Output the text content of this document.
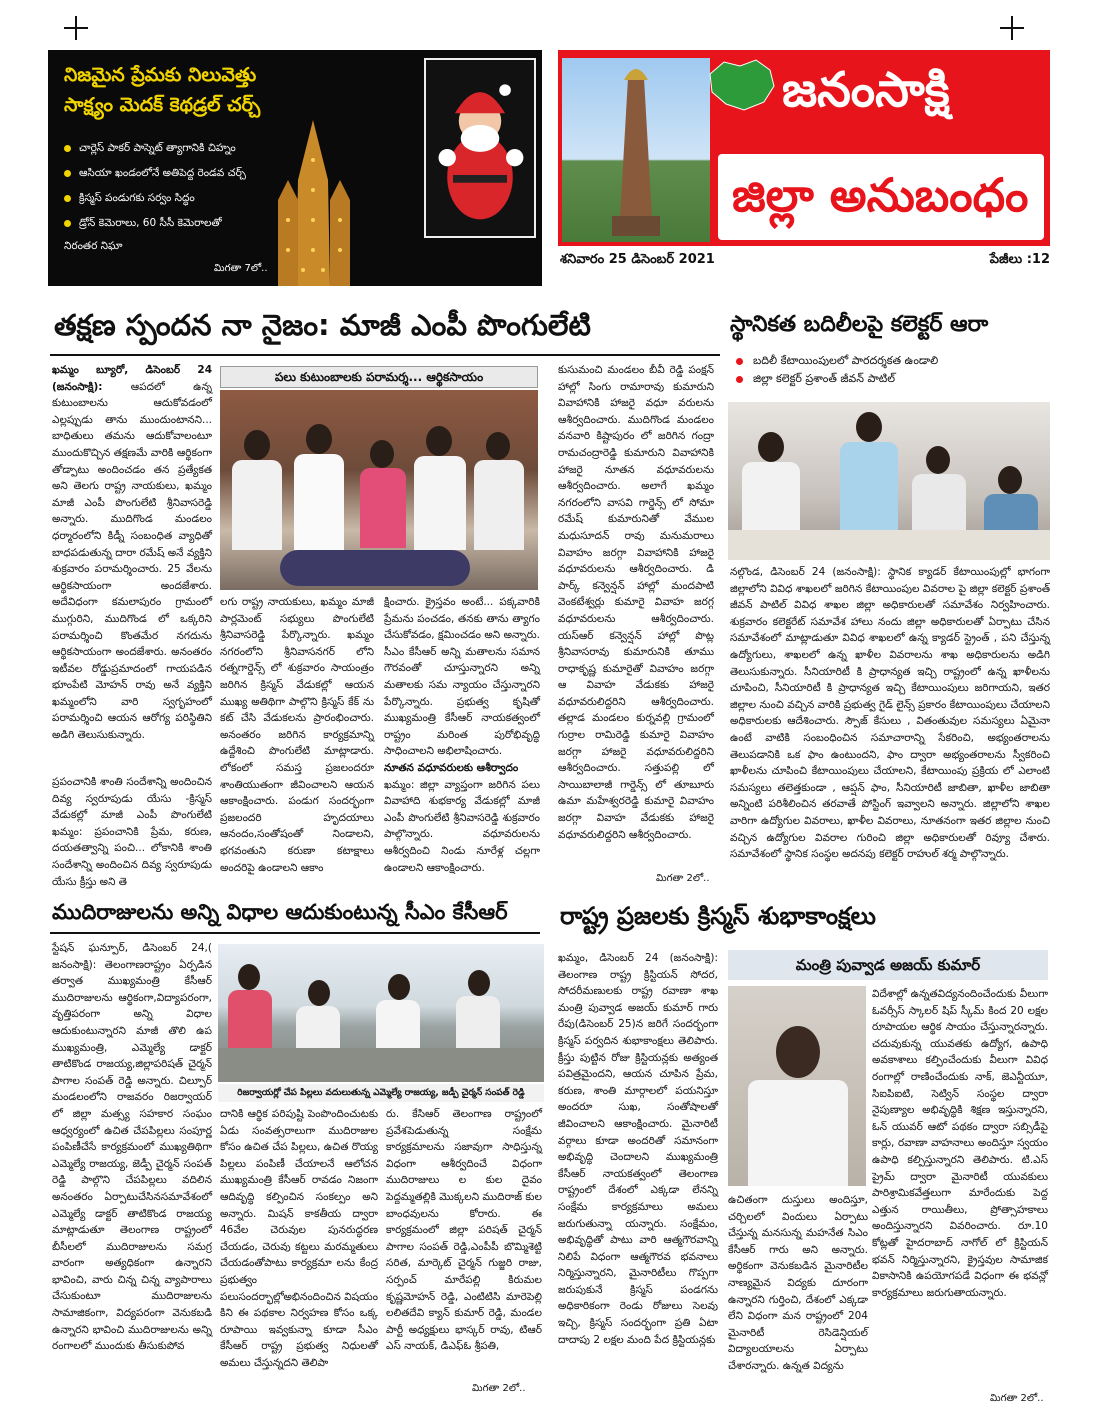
నిజమైన ప్రేమకు నిలువెత్తు
సాక్ష్యం మెదక్ కెథడ్రల్ చర్చ్
చార్లెస్ పాకర్ పాస్నెట్ త్యాగానికి చిహ్నం
ఆసియా ఖండంలోనే అతిపెద్ద రెండవ చర్చ్
క్రిస్మస్ పండుగకు సర్వం సిద్ధం
డ్రోన్ కెమెరాలు, 60 సీసీ కెమెరాలతో
నిరంతర నిఘా
మిగతా 7లో..
జనంసాక్షి
జిల్లా అనుబంధం
శనివారం 25 డిసెంబర్ 2021	పేజీలు :12
తక్షణ స్పందన నా నైజం: మాజీ ఎంపీ పొంగులేటి
ఖమ్మం బ్యూరో, డిసెంబర్ 24 (జనంసాక్షి):	ఆపదలో ఉన్న కుటుంబాలను ఆదుకోవడంలో ఎల్లప్పుడు తాను ముందుంటానని... బాధితులు తమను ఆదుకోవాలంటూ ముందుకొచ్చిన తక్షణమే వారికి ఆర్థికంగా తోడ్పాటు అందించడం తన ప్రత్యేకత అని తెలగు రాష్ట్ర నాయకులు, ఖమ్మం మాజీ ఎంపీ పొంగులేటి శ్రీనివాసరెడ్డి అన్నారు. ముదిగొండ మండలం ధర్మారంలోని కిడ్నీ సంబంధిత వ్యాధితో బాధపడుతున్న దారా రమేష్ అనే వ్యక్తిని శుక్రవారం పరామర్శించారు. 25 వేలను ఆర్థికసాయంగా అందజేశారు. అదేవిధంగా కమలాపురం గ్రామంలో ముగ్గురిని, ముదిగొండ లో ఒక్కరిని పరామర్శించి కొంతమేర నగదును ఆర్థికసాయంగా అందజేశారు. అనంతరం ఇటీవల రోడ్డుప్రమాదంలో గాయపడిన భూంపేటి మోహన్ రావు అనే వ్యక్తిని ఖమ్మంలోని వారి స్వగృహంలో పరామర్శించి ఆయన ఆరోగ్య పరిస్థితిని అడిగి తెలుసుకున్నారు.
ప్రపంచానికి శాంతి సందేశాన్ని అందించిన దివ్య స్వరూపుడు యేసు -క్రిస్మస్ వేడుకల్లో మాజీ ఎంపీ పొంగులేటి ఖమ్మం: ప్రపంచానికి ప్రేమ, కరుణ, దయతత్వాన్ని పంచి... లోకానికి శాంతి సందేశాన్ని అందించిన దివ్య స్వరూపుడు యేసు క్రీస్తు అని తె
పలు కుటుంబాలకు పరామర్శ... ఆర్థికసాయం
లగు రాష్ట్ర నాయకులు, ఖమ్మం మాజీ పార్లమెంట్ సభ్యులు పొంగులేటి శ్రీనివాసరెడ్డి పేర్కొన్నారు. ఖమ్మం నగరంలోని శ్రీనివాసనగర్ లోని రత్నగార్డెన్స్ లో శుక్రవారం సాయంత్రం జరిగిన క్రిస్మస్ వేడుకల్లో ఆయన ముఖ్య అతిథిగా పాల్గొని క్రిస్మస్ కేక్ ను కట్ చేసి వేడుకలను ప్రారంభించారు. అనంతరం జరిగిన కార్యక్రమాన్ని ఉద్దేశించి పొంగులేటి మాట్లాడారు. లోకంలో సమస్త ప్రజలందరూ శాంతియుతంగా జీవించాలని ఆయన ఆకాంక్షించారు. పండుగ సందర్భంగా ప్రజలందరి హృదయాలు ఆనందం,సంతోషంతో నిండాలని, భగవంతుని కరుణా కటాక్షాలు అందరిపై ఉండాలని ఆకాం
క్షించారు. క్రైస్తవం అంటే... పక్కవారికి ప్రేమను పంచడం, తనకు తాను త్యాగం చేసుకోవడం, క్షమించడం అని అన్నారు. సీఎం కేసీఆర్ అన్ని మతాలను సమాన గౌరవంతో చూస్తున్నారని అన్ని మతాలకు సమ న్యాయం చేస్తున్నారని పేర్కొన్నారు. ప్రభుత్వ కృషితో ముఖ్యమంత్రి కేసీఆర్ నాయకత్వంలో రాష్ట్రం మరింత పురోభివృద్ధి సాధించాలని అభిలాషించారు.
నూతన వధూవరులకు ఆశీర్వాదం
ఖమ్మం: జిల్లా వ్యాప్తంగా జరిగిన పలు వివాహాది శుభకార్య వేడుకల్లో మాజీ ఎంపీ పొంగులేటి శ్రీనివాసరెడ్డి శుక్రవారం పాల్గొన్నారు. వధూవరులను ఆశీర్వదించి నిండు నూరేళ్ల చల్లగా ఉండాలని ఆకాంక్షించారు.
కుసుమంచి మండలం బీవీ రెడ్డి పంక్షన్ హాల్లో సింగు రామారావు కుమారుని వివాహానికి హాజరై వధూ వరులను ఆశీర్వదించారు. ముదిగొండ మండలం వనవారి కిష్టాపురం లో జరిగిన గంద్రా రామచంద్రారెడ్డి కుమారుని వివాహానికి హాజరై నూతన వధూవరులను ఆశీర్వదించారు. అలాగే ఖమ్మం నగరంలోని వాసవి గార్డెన్స్ లో సోమా రమేష్ కుమారునితో వేముల మధుసూదన్ రావు మనుమరాలు వివాహం జరగ్గా వివాహానికి హాజరై వధూవరులను ఆశీర్వదించారు. డి పార్క్ కన్వెన్షన్ హాల్లో మందపాటి వెంకటేశ్వర్లు కుమారై వివాహ జరగ్గ వధూవరులను ఆశీర్వదించారు. యస్ఆర్ కన్వెన్షన్ హాల్లో పొట్ల శ్రీనివాసరావు కుమారునికి తూము రాధాకృష్ణ కుమారైతో వివాహం జరగ్గా ఆ వివాహ వేడుకకు హాజరై వధూవరులిద్దరిని ఆశీర్వదించారు. తల్లాడ మండలం కుర్నవల్లి గ్రామంలో గుర్రాల రామిరెడ్డి కుమారై వివాహం జరగ్గా హాజరై వధూవరులిద్దరిని ఆశీర్వదించారు. సత్తుపల్లి లో సాయిబాలాజీ గార్డెన్స్ లో తూబూరు ఉమా మహేశ్వరరెడ్డి కుమారై వివాహం జరగ్గా వివాహ వేడుకకు హాజరై వధూవరులిద్దరిని ఆశీర్వదించారు.
మిగతా 2లో..
స్థానికత బదిలీలపై కలెక్టర్ ఆరా
బదిలీ కేటాయింపులలో పారదర్శకత ఉండాలి
జిల్లా కలెక్టర్ ప్రశాంత్ జీవన్ పాటిల్
నల్గొండ, డిసెంబర్ 24 (జనంసాక్షి): స్థానిక క్యాడర్ కేటాయింపుల్లో భాగంగా జిల్లాలోని వివిధ శాఖలలో జరిగిన కేటాయింపుల వివరాల పై జిల్లా కలెక్టర్ ప్రశాంత్ జీవన్ పాటిల్ వివిధ శాఖల జిల్లా అధికారులతో సమావేశం నిర్వహించారు. శుక్రవారం కలెక్టరేట్ సమావేశ హాలు నందు జిల్లా అధికారులతో ఏర్పాటు చేసిన సమావేశంలో మాట్లాడుతూ వివిధ శాఖలలో ఉన్న క్యాడర్ స్ట్రెంత్ , పని చేస్తున్న ఉద్యోగులు, శాఖలలో ఉన్న ఖాళీల వివరాలను శాఖ అధికారులను అడిగి తెలుసుకున్నారు. సీనియారిటీ కి ప్రాధాన్యత ఇచ్చి రాష్ట్రంలో ఉన్న ఖాళీలను చూపించి, సీనియారిటీ కి ప్రాధాన్యత ఇచ్చి కేటాయింపులు జరిగాయని, ఇతర జిల్లాల నుంచి వచ్చిన వారికి ప్రభుత్వ గైడ్ లైన్స్ ప్రకారం కేటాయింపులు చేయాలని అధికారులకు ఆదేశించారు. స్పౌజ్ కేసులు , వితంతువుల సమస్యలు ఏమైనా ఉంటే వాటికి సంబంధించిన సమాచారాన్ని సేకరించి, అభ్యంతరాలను తెలుపడానికి ఒక ఫాం ఉంటుందని, ఫాం ద్వారా అభ్యంతరాలను స్వీకరించి ఖాళీలను చూపించి కేటాయింపులు చేయాలని, కేటాయింపు ప్రక్రియ లో ఎలాంటి సమస్యలు తలెత్తకుండా , ఆప్షన్ ఫాం, సీనియారిటీ జాబితా, ఖాళీల జాబితా అన్నింటి పరిశీలించిన తరవాతే పోస్టింగ్ ఇవ్వాలని అన్నారు. జిల్లాలోని శాఖల వారిగా ఉద్యోగుల వివరాలు, ఖాళీల వివరాలు, నూతనంగా ఇతర జిల్లాల నుంచి వచ్చిన ఉద్యోగుల వివరాల గురించి జిల్లా అధికారులతో రివ్యూ చేశారు. సమావేశంలో స్థానిక సంస్థల అదనపు కలెక్టర్ రాహుల్ శర్మ పాల్గొన్నారు.
ముదిరాజులను అన్ని విధాల ఆదుకుంటున్న సీఎం కేసీఆర్
స్టేషన్ ఘన్పూర్, డిసెంబర్ 24,( జనంసాక్షి): తెలంగాణరాష్ట్రం ఏర్పడిన తర్వాత ముఖ్యమంత్రి కేసీఆర్ ముదిరాజులను ఆర్థికంగా,విద్యాపరంగా, వృత్తిపరంగా అన్ని విధాల ఆదుకుంటున్నారని మాజీ తొలి ఉప ముఖ్యమంత్రి, ఎమ్మెల్యే డాక్టర్ తాటికొండ రాజయ్య,జిల్లాపరిషత్ చైర్మన్ పాగాల సంపత్ రెడ్డి అన్నారు. చిల్పూర్ మండలంలోని రాజవరం రిజర్వాయర్ లో జిల్లా మత్స్య సహకార సంఘం ఆధ్వర్యంలో ఉచిత చేపపిల్లలు సంపూర్ణ పంపిణీచేసే కార్యక్రమంలో ముఖ్యతిథిగా ఎమ్మెల్యే రాజయ్య, జెడ్పీ చైర్మన్ సంపత్ రెడ్డి పాల్గొని చేపపిల్లలు వదిలిన అనంతరం ఏర్పాటుచేసినసమావేశంలో ఎమ్మెల్యే డాక్టర్ తాటికొండ రాజయ్య మాట్లాడుతూ తెలంగాణ రాష్ట్రంలో బీసీలలో ముదిరాజులను సమగ్ర వారంగా అత్యధికంగా ఉన్నారని భావించి, వారు చిన్న చిన్న వ్యాపారాలు చేసుకుంటూ ముదిరాజులను సామాజికంగా, విద్యపరంగా వెనుకబడి ఉన్నారని భావించి ముదిరాజులను అన్ని రంగాలలో ముందుకు తీసుకుపోవ
రిజర్వాయర్లో చేప పిల్లలు వదులుతున్న ఎమ్మెల్యే రాజయ్య, జడ్పీ చైర్మన్ సంపత్ రెడ్డి
దానికి ఆర్థిక పరిపుష్టి పెంపొందించుటకు ఏడు సంవత్సరాలుగా ముదిరాజుల కోసం ఉచిత చేప పిల్లలు, ఉచిత రొయ్య పిల్లలు పంపిణీ చేయాలనే ఆలోచన ముఖ్యమంత్రి కేసీఆర్ రావడం నిజంగా ఆదివృద్ధి కల్పించిన సంకల్పం అని అన్నారు. మిషన్ కాకతీయ ద్వారా 46వేల చెరువుల పునరుద్ధరణ చేయడం, చెరువు కట్టలు మరమ్మతులు చేయడంతోపాటు కార్యక్రమా లను కేంద్ర ప్రభుత్వం పలుసందర్భాల్లోఅభినందించిన విషయం కిని ఈ పథకాల నిర్వహణ కోసం ఒక్క రూపాయి ఇవ్వకున్నా కూడా సీఎం కేసీఆర్ రాష్ట్ర ప్రభుత్వ నిధులతో అమలు చేస్తున్నదని తెలిపా
రు. కేసిఆర్ తెలంగాణ రాష్ట్రంలో ప్రవేశపెడుతున్న సంక్షేమ కార్యక్రమాలను సజావుగా సాధిస్తున్న విధంగా ఆశీర్వదించే విధంగా ముదిరాజులు ల కుల దైవం పెద్దమ్మతల్లికి మొక్కలని ముదిరాజ్ కుల బాంధవులను కోరారు. ఈ కార్యక్రమంలో జిల్లా పరిషత్ చైర్మన్ పాగాల సంపత్ రెడ్డి,ఎంపీపీ బొమ్మిశెట్టి సరిత, మార్కెట్ చైర్మన్ గుజ్జరి రాజు, సర్పంచ్ మారేపల్లి కిరుమల కృష్ణమోహన్ రెడ్డి, ఎంటిటిసి మారెపెల్లి లలితదేవి క్యాన్ కుమార్ రెడ్డి, మండల పార్టీ అధ్యక్షులు భాస్కర్ రావు, టిఆర్ ఎస్ నాయక్, డిఎఫ్ఓ శ్రీపతి,
మిగతా 2లో..
రాష్ట్ర ప్రజలకు క్రిస్మస్ శుభాకాంక్షలు
మంత్రి పువ్వాడ అజయ్ కుమార్
ఖమ్మం, డిసెంబర్ 24 (జనంసాక్షి): తెలంగాణ రాష్ట్ర క్రిస్టియన్ సోదర, సోదరీమణులకు రాష్ట్ర రవాణా శాఖ మంత్రి పువ్వాడ అజయ్ కుమార్ గారు రేపు(డిసెంబర్ 25)న జరిగే సందర్భంగా క్రిస్మస్ పర్వదిన శుభాకాంక్షలు తెలిపారు. క్రీస్తు పుట్టిన రోజు క్రిస్టియన్లకు అత్యంత పవిత్రమైందని, ఆయన చూపిన ప్రేమ, కరుణ, శాంతి మార్గాలలో పయనిస్తూ అందరూ సుఖ, సంతోషాలతో జీవించాలని ఆకాంక్షించారు. మైనారిటీ వర్గాలు కూడా అందరితో సమానంగా అభివృద్ధి చెందాలని ముఖ్యమంత్రి కేసీఆర్ నాయకత్వంలో తెలంగాణ రాష్ట్రంలో దేశంలో ఎక్కడా లేనన్ని సంక్షేమ కార్యక్రమాలు అమలు జరుగుతున్నా యన్నారు. సంక్షేమం, అభివృద్ధితో పాటు వారి ఆత్మగౌరవాన్ని నిలిపే విధంగా ఆత్మగౌరవ భవనాలు నిర్మిస్తున్నారని, మైనారిటీలు గొప్పగా జరుపుకునే క్రిస్మస్ పండగను అధికారికంగా రెండు రోజులు సెలవు ఇచ్చి, క్రిస్మస్ సందర్భంగా ప్రతి ఏటా దాదాపు 2 లక్షల మంది పేద క్రిస్టియన్లకు
విదేశాల్లో ఉన్నతవిద్యనందించేందుకు వీలుగా ఓవర్సీస్ స్కాలర్ షిప్ స్కీమ్ కింద 20 లక్షల రూపాయల ఆర్థిక సాయం చేస్తున్నారన్నారు. చదువుకున్న యువతకు ఉద్యోగ, ఉపాధి అవకాశాలు కల్పించేందుకు వీలుగా వివిధ రంగాల్లో రాణించేందుకు నాక్, జెఎన్టీయూ, సిఐపిఐటి, సెట్విన్ సంస్థల ద్వారా నైపుణ్యాల అభివృద్ధికి శిక్షణ ఇస్తున్నారని, ఓన్ యువర్ ఆటో పథకం ద్వారా సబ్సిడీపై కార్లు, రవాణా వాహనాలు అందిస్తూ స్వయం ఉపాధి కల్పిస్తున్నారని తెలిపారు. టి.ఎస్ ప్రైమ్ ద్వారా మైనారిటీ యువకులు పారిశ్రామికవేత్తలుగా మారేందుకు పెద్ద ఎత్తున రాయితీలు, ప్రోత్సాహకాలు అందిస్తున్నారని వివరించారు. రూ.10 కోట్లతో హైదరాబాద్ నాగోల్ లో క్రిస్టియన్ భవన్ నిర్మిస్తున్నారని, క్రైస్తవుల సామాజిక వికాసానికి ఉపయోగపడే విధంగా ఈ భవన్లో కార్యక్రమాలు జరుగుతాయన్నారు.
ఉచితంగా దుస్తులు అందిస్తూ, చర్చిలలో విందులు ఏర్పాటు చేస్తున్న మనసున్న మహనేత సిఎం కేసీఆర్ గారు అని అన్నారు. అర్థికంగా వెనుకబడిన మైనారిటీల నాణ్యమైన విద్యకు దూరంగా ఉన్నారని గుర్తించి, దేశంలో ఎక్కడా లేని విధంగా మన రాష్ట్రంలో 204 మైనారిటీ రెసిడెన్షియల్ విద్యాలయాలను ఏర్పాటు చేశారన్నారు. ఉన్నత విద్యను
మిగతా 2లో..
